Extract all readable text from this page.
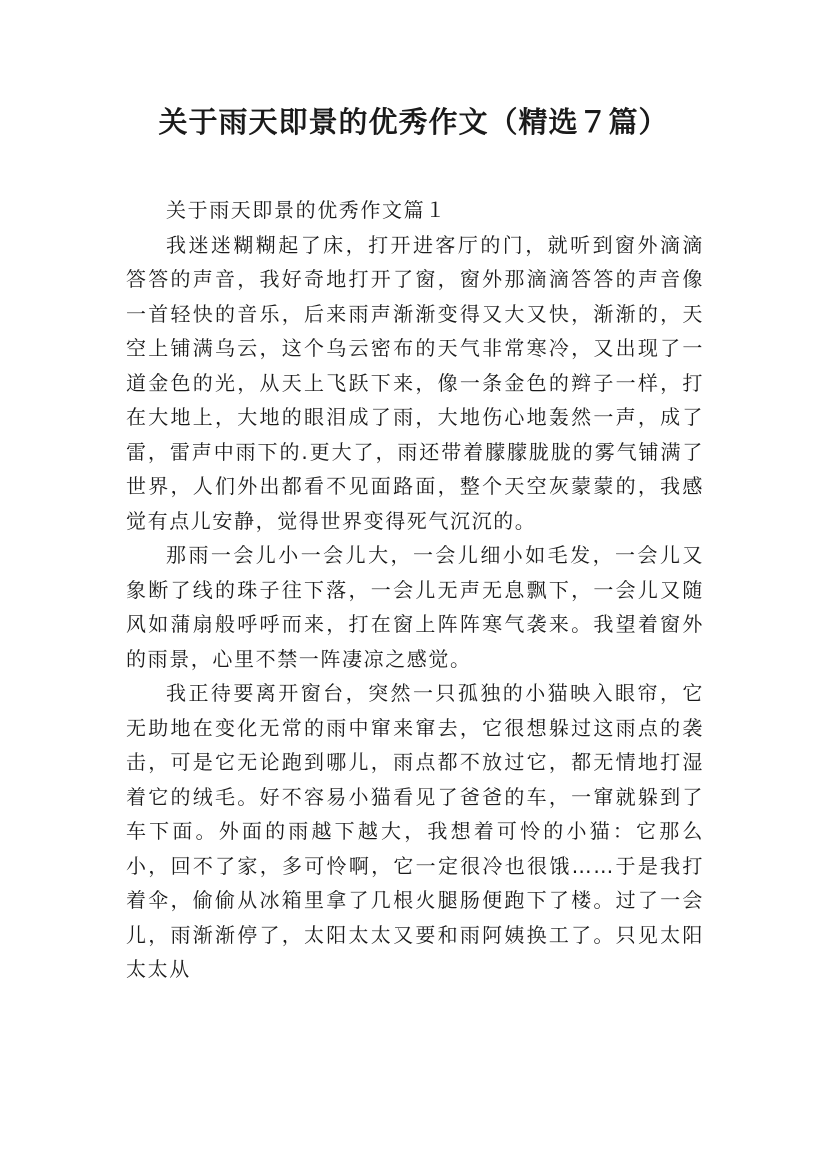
关于雨天即景的优秀作文（精选７篇）

关于雨天即景的优秀作文篇１

我迷迷糊糊起了床，打开进客厅的门，就听到窗外滴滴答答的声音，我好奇地打开了窗，窗外那滴滴答答的声音像一首轻快的音乐，后来雨声渐渐变得又大又快，渐渐的，天空上铺满乌云，这个乌云密布的天气非常寒冷，又出现了一道金色的光，从天上飞跃下来，像一条金色的辫子一样，打在大地上，大地的眼泪成了雨，大地伤心地轰然一声，成了雷，雷声中雨下的.更大了，雨还带着朦朦胧胧的雾气铺满了世界，人们外出都看不见面路面，整个天空灰蒙蒙的，我感觉有点儿安静，觉得世界变得死气沉沉的。

那雨一会儿小一会儿大，一会儿细小如毛发，一会儿又象断了线的珠子往下落，一会儿无声无息飘下，一会儿又随风如蒲扇般呼呼而来，打在窗上阵阵寒气袭来。我望着窗外的雨景，心里不禁一阵凄凉之感觉。

我正待要离开窗台，突然一只孤独的小猫映入眼帘，它无助地在变化无常的雨中窜来窜去，它很想躲过这雨点的袭击，可是它无论跑到哪儿，雨点都不放过它，都无情地打湿着它的绒毛。好不容易小猫看见了爸爸的车，一窜就躲到了车下面。外面的雨越下越大，我想着可怜的小猫：它那么小，回不了家，多可怜啊，它一定很冷也很饿……于是我打着伞，偷偷从冰箱里拿了几根火腿肠便跑下了楼。过了一会儿，雨渐渐停了，太阳太太又要和雨阿姨换工了。只见太阳太太从
